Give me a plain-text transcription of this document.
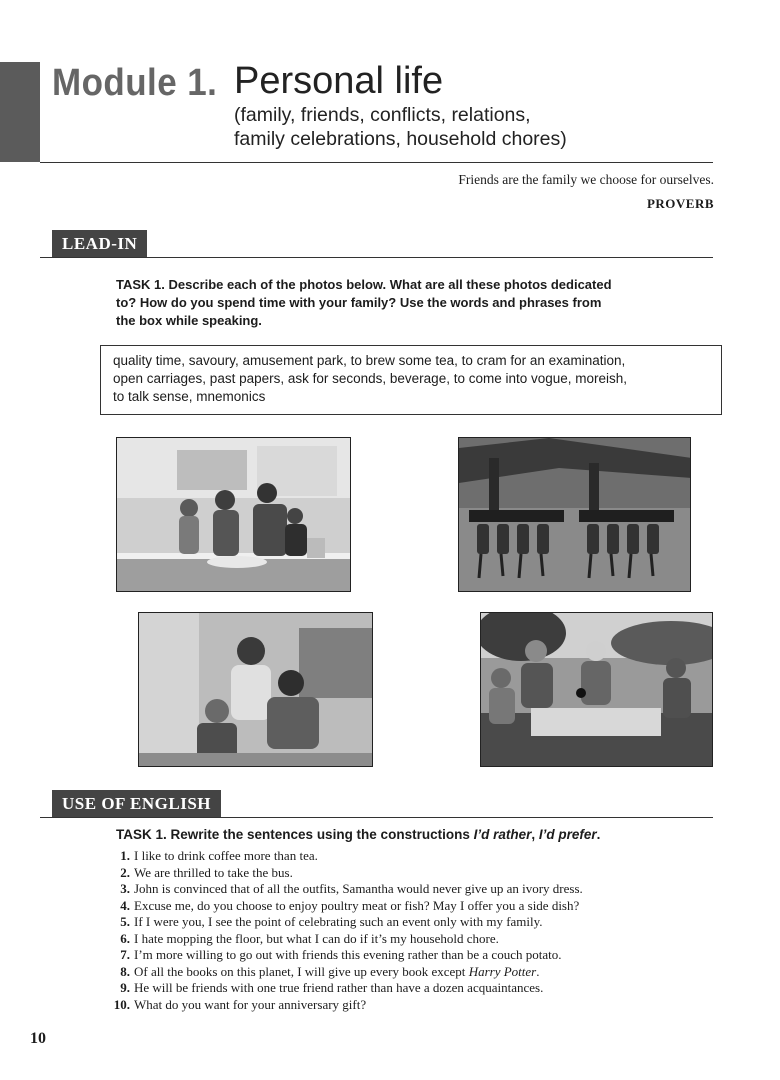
Module 1. Personal life
(family, friends, conflicts, relations,
family celebrations, household chores)
Friends are the family we choose for ourselves.
PROVERB
LEAD-IN
TASK 1. Describe each of the photos below. What are all these photos dedicated
to? How do you spend time with your family? Use the words and phrases from
the box while speaking.
quality time, savoury, amusement park, to brew some tea, to cram for an examination,
open carriages, past papers, ask for seconds, beverage, to come into vogue, moreish,
to talk sense, mnemonics
USE OF ENGLISH
TASK 1. Rewrite the sentences using the constructions I’d rather, I’d prefer.
1. I like to drink coffee more than tea.
2. We are thrilled to take the bus.
3. John is convinced that of all the outfits, Samantha would never give up an ivory dress.
4. Excuse me, do you choose to enjoy poultry meat or fish? May I offer you a side dish?
5. If I were you, I see the point of celebrating such an event only with my family.
6. I hate mopping the floor, but what I can do if it’s my household chore.
7. I’m more willing to go out with friends this evening rather than be a couch potato.
8. Of all the books on this planet, I will give up every book except Harry Potter.
9. He will be friends with one true friend rather than have a dozen acquaintances.
10. What do you want for your anniversary gift?
10
